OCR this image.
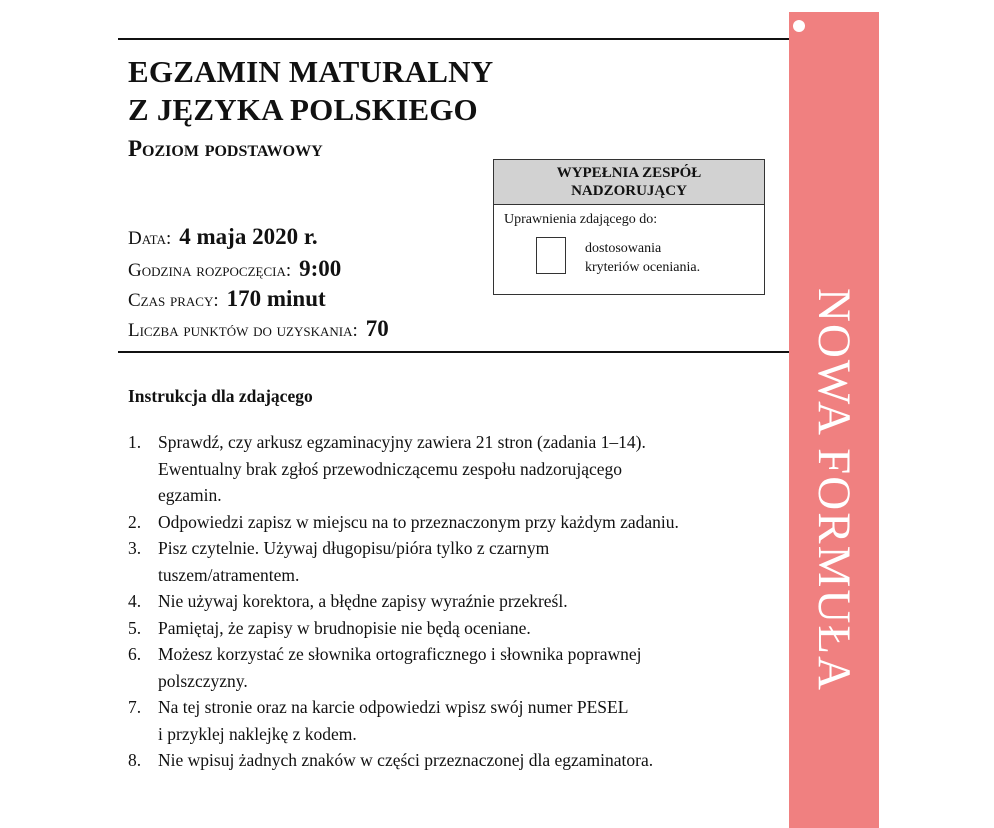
EGZAMIN MATURALNY
Z JĘZYKA POLSKIEGO
Poziom podstawowy
Data: 4 maja 2020 r.
Godzina rozpoczęcia: 9:00
Czas pracy: 170 minut
Liczba punktów do uzyskania: 70
WYPEŁNIA ZESPÓŁ
NADZORUJĄCY
Uprawnienia zdającego do:
dostosowania
kryteriów oceniania.
Instrukcja dla zdającego
1. Sprawdź, czy arkusz egzaminacyjny zawiera 21 stron (zadania 1–14).
Ewentualny brak zgłoś przewodniczącemu zespołu nadzorującego
egzamin.
2. Odpowiedzi zapisz w miejscu na to przeznaczonym przy każdym zadaniu.
3. Pisz czytelnie. Używaj długopisu/pióra tylko z czarnym
tuszem/atramentem.
4. Nie używaj korektora, a błędne zapisy wyraźnie przekreśl.
5. Pamiętaj, że zapisy w brudnopisie nie będą oceniane.
6. Możesz korzystać ze słownika ortograficznego i słownika poprawnej
polszczyzny.
7. Na tej stronie oraz na karcie odpowiedzi wpisz swój numer PESEL
i przyklej naklejkę z kodem.
8. Nie wpisuj żadnych znaków w części przeznaczonej dla egzaminatora.
NOWA FORMUŁA
